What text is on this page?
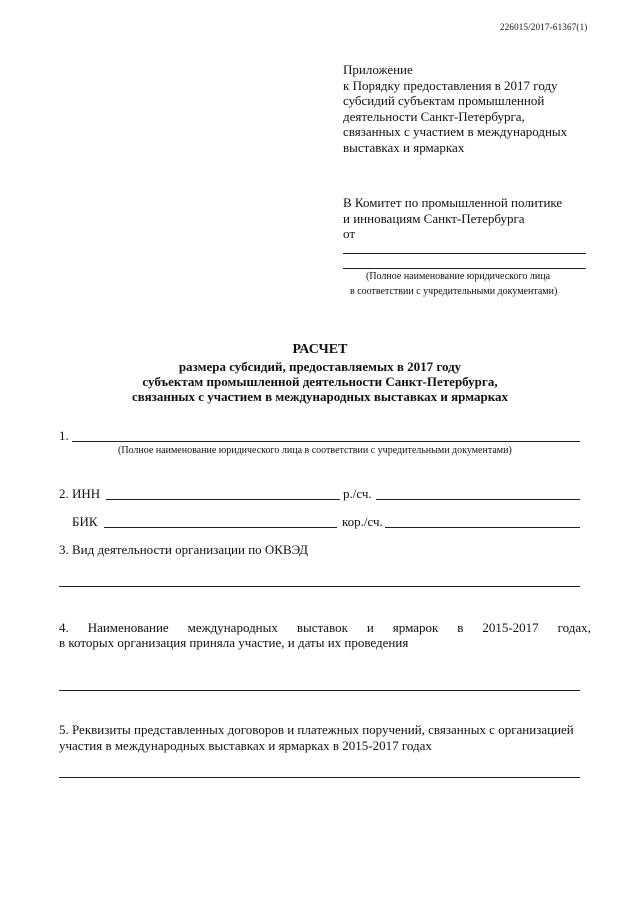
226015/2017-61367(1)
Приложение
к Порядку предоставления в 2017 году
субсидий субъектам промышленной
деятельности Санкт-Петербурга,
связанных с участием в международных
выставках и ярмарках
В Комитет по промышленной политике
и инновациям Санкт-Петербурга
от
(Полное наименование юридического лица
в соответствии с учредительными документами)
РАСЧЕТ
размера субсидий, предоставляемых в 2017 году
субъектам промышленной деятельности Санкт-Петербурга,
связанных с участием в международных выставках и ярмарках
1.
(Полное наименование юридического лица в соответствии с учредительными документами)
2. ИНН	р./сч.
БИК	кор./сч.
3. Вид деятельности организации по ОКВЭД
4. Наименование международных выставок и ярмарок в 2015-2017 годах,
в которых организация приняла участие, и даты их проведения
5. Реквизиты представленных договоров и платежных поручений, связанных с организацией
участия в международных выставках и ярмарках в 2015-2017 годах
